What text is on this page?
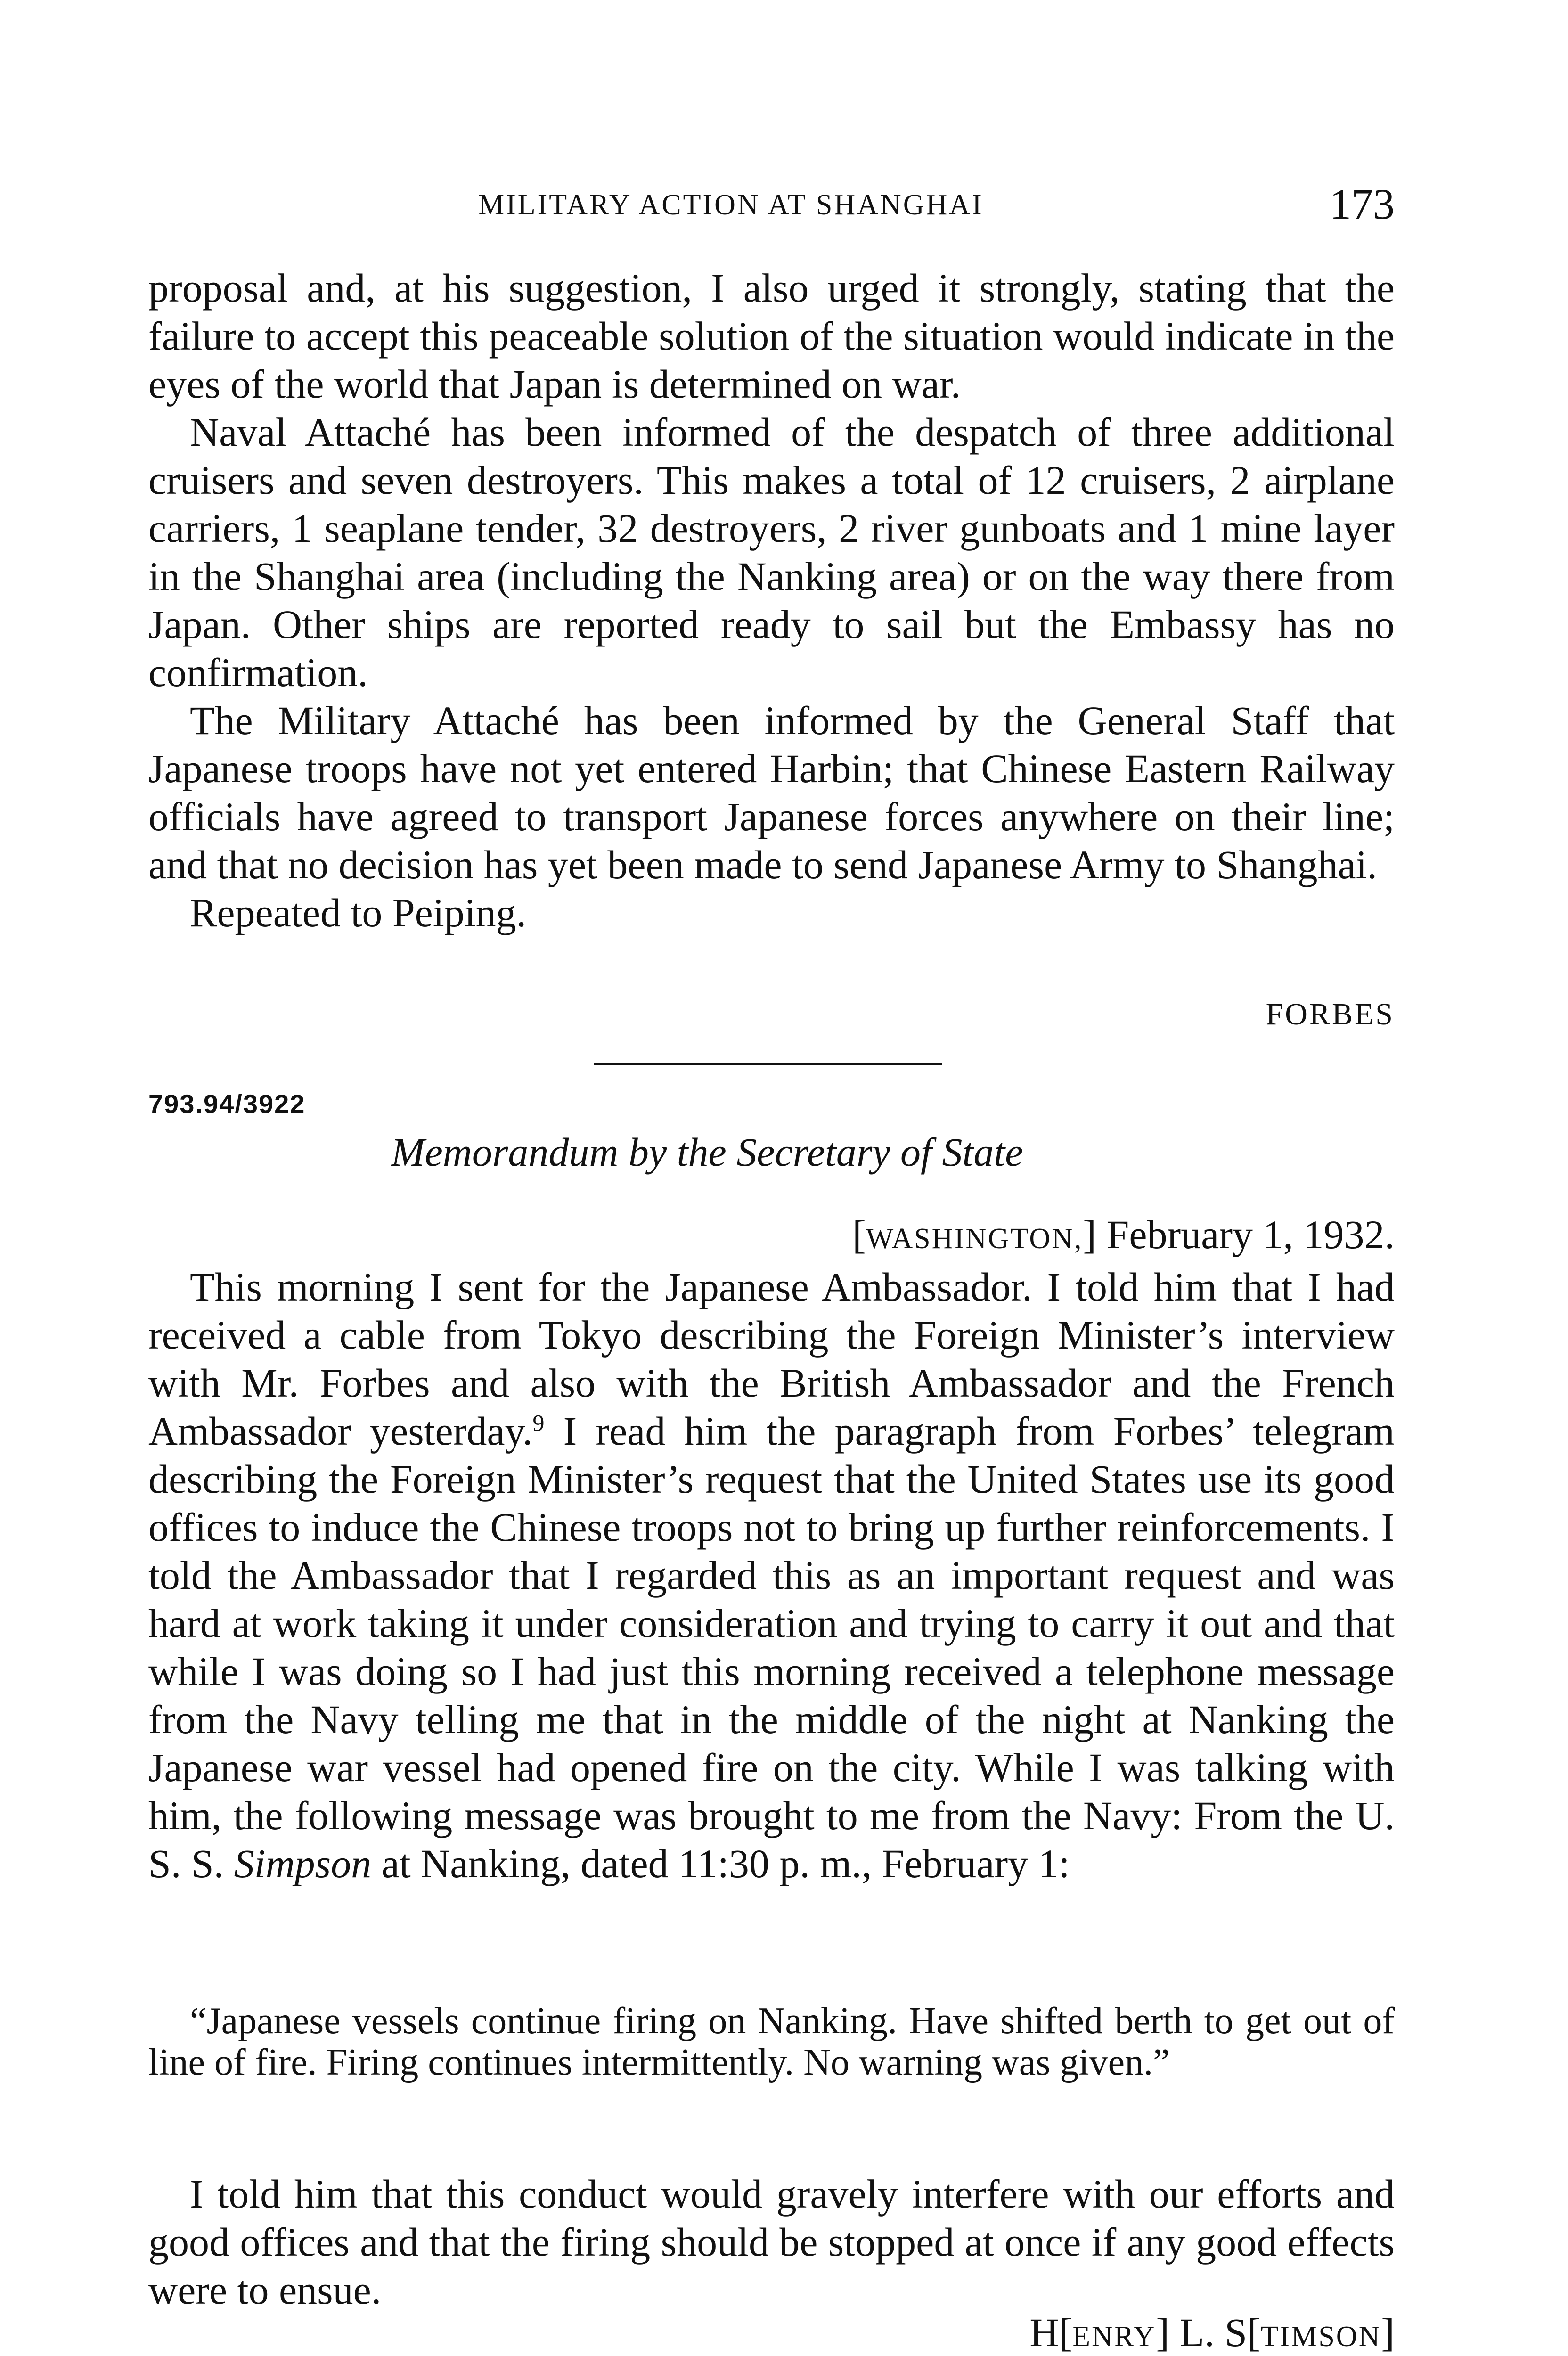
MILITARY ACTION AT SHANGHAI	173

proposal and, at his suggestion, I also urged it strongly, stating that the failure to accept this peaceable solution of the situation would indicate in the eyes of the world that Japan is determined on war.

Naval Attaché has been informed of the despatch of three additional cruisers and seven destroyers. This makes a total of 12 cruisers, 2 airplane carriers, 1 seaplane tender, 32 destroyers, 2 river gunboats and 1 mine layer in the Shanghai area (including the Nanking area) or on the way there from Japan. Other ships are reported ready to sail but the Embassy has no confirmation.

The Military Attaché has been informed by the General Staff that Japanese troops have not yet entered Harbin; that Chinese Eastern Railway officials have agreed to transport Japanese forces anywhere on their line; and that no decision has yet been made to send Japanese Army to Shanghai.

Repeated to Peiping.

FORBES
793.94/3922
Memorandum by the Secretary of State
[WASHINGTON,] February 1, 1932.

This morning I sent for the Japanese Ambassador. I told him that I had received a cable from Tokyo describing the Foreign Minister’s interview with Mr. Forbes and also with the British Ambassador and the French Ambassador yesterday.$^9$ I read him the paragraph from Forbes’ telegram describing the Foreign Minister’s request that the United States use its good offices to induce the Chinese troops not to bring up further reinforcements. I told the Ambassador that I regarded this as an important request and was hard at work taking it under consideration and trying to carry it out and that while I was doing so I had just this morning received a telephone message from the Navy telling me that in the middle of the night at Nanking the Japanese war vessel had opened fire on the city. While I was talking with him, the following message was brought to me from the Navy: From the U. S. S. Simpson at Nanking, dated 11:30 p. m., February 1:

“Japanese vessels continue firing on Nanking. Have shifted berth to get out of line of fire. Firing continues intermittently. No warning was given.”

I told him that this conduct would gravely interfere with our efforts and good offices and that the firing should be stopped at once if any good effects were to ensue.

H[ENRY] L. S[TIMSON]
